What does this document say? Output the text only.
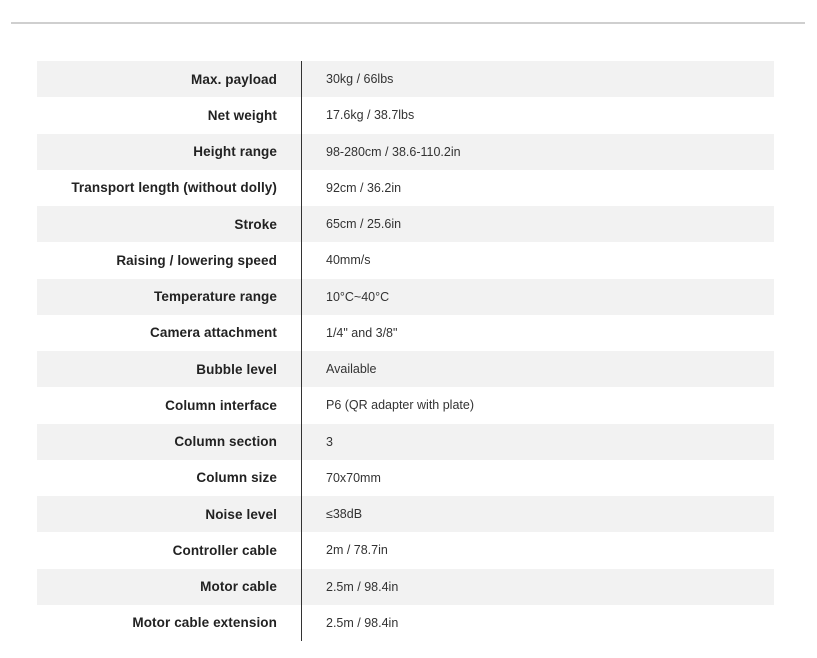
Max. payload	30kg / 66lbs
Net weight	17.6kg / 38.7lbs
Height range	98-280cm / 38.6-110.2in
Transport length (without dolly)	92cm / 36.2in
Stroke	65cm / 25.6in
Raising / lowering speed	40mm/s
Temperature range	10°C~40°C
Camera attachment	1/4" and 3/8"
Bubble level	Available
Column interface	P6 (QR adapter with plate)
Column section	3
Column size	70x70mm
Noise level	≤38dB
Controller cable	2m / 78.7in
Motor cable	2.5m / 98.4in
Motor cable extension	2.5m / 98.4in
